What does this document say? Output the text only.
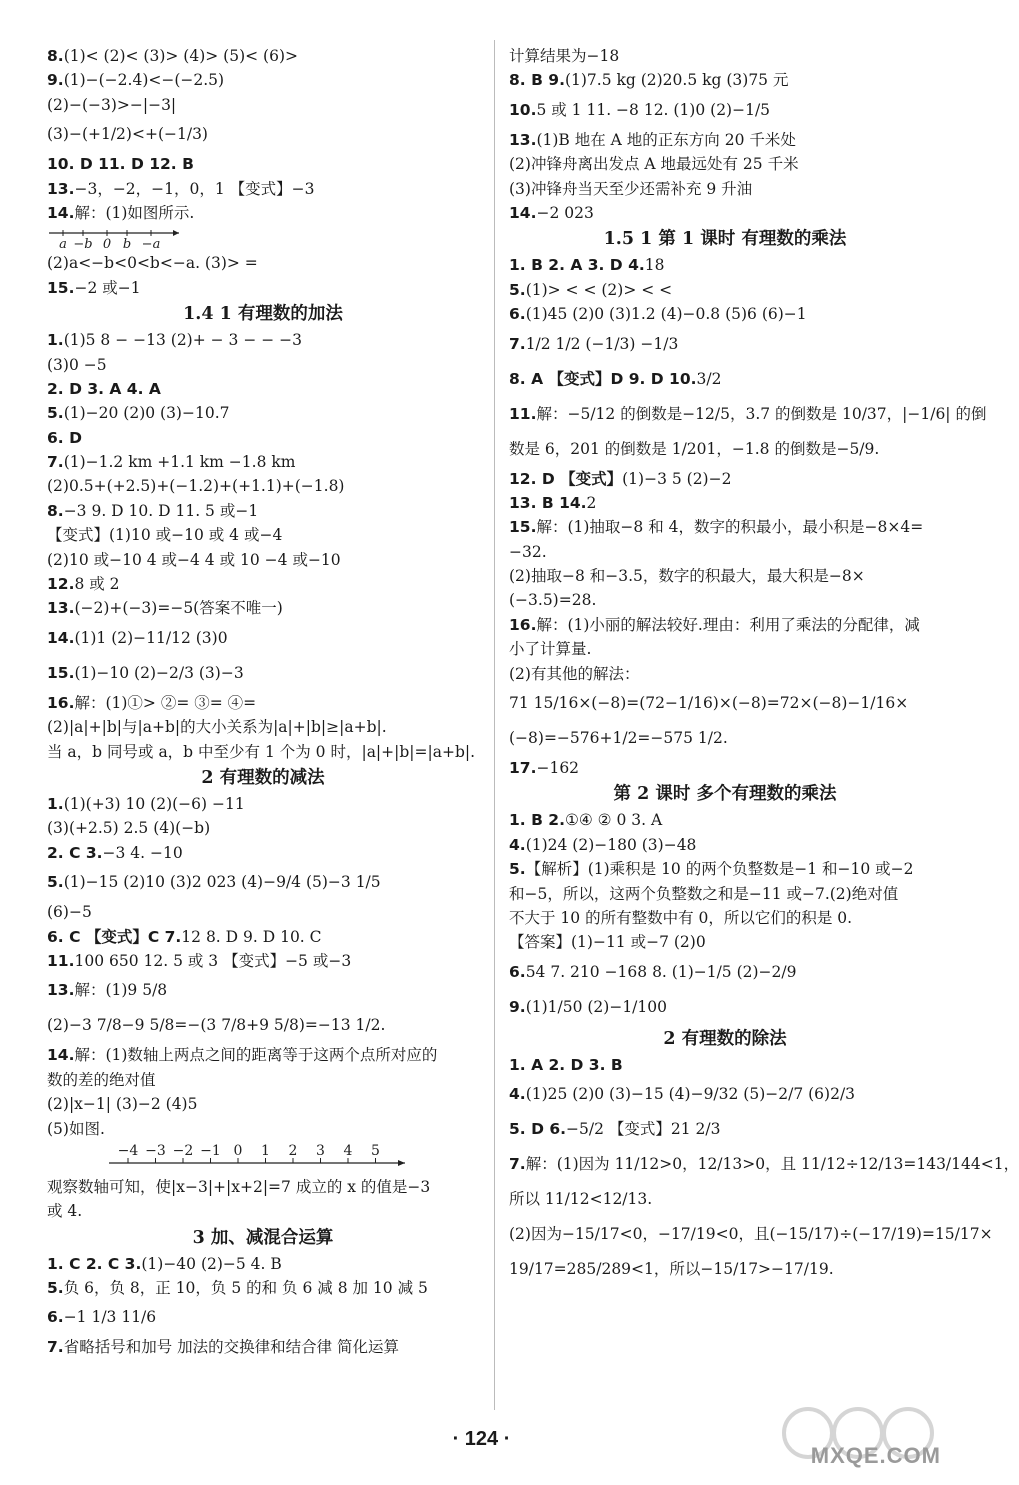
8.(1)< (2)< (3)> (4)> (5)< (6)>
9.(1)−(−2.4)<−(−2.5)
(2)−(−3)>−|−3|
(3)−(+1/2)<+(−1/3)
10. D 11. D 12. B
13.−3，−2，−1，0，1 【变式】−3
14.解：(1)如图所示.
a −b 0 b −a
(2)a<−b<0<b<−a. (3)> =
15.−2 或−1
1.4 1 有理数的加法
1.(1)5 8 − −13 (2)+ − 3 − − −3
(3)0 −5
2. D 3. A 4. A
5.(1)−20 (2)0 (3)−10.7
6. D
7.(1)−1.2 km +1.1 km −1.8 km
(2)0.5+(+2.5)+(−1.2)+(+1.1)+(−1.8)
8.−3 9. D 10. D 11. 5 或−1
【变式】(1)10 或−10 或 4 或−4
(2)10 或−10 4 或−4 4 或 10 −4 或−10
12.8 或 2
13.(−2)+(−3)=−5(答案不唯一)
14.(1)1 (2)−11/12 (3)0
15.(1)−10 (2)−2/3 (3)−3
16.解：(1)①> ②= ③= ④=
(2)|a|+|b|与|a+b|的大小关系为|a|+|b|≥|a+b|.
当 a，b 同号或 a，b 中至少有 1 个为 0 时，|a|+|b|=|a+b|.
2 有理数的减法
1.(1)(+3) 10 (2)(−6) −11
(3)(+2.5) 2.5 (4)(−b)
2. C 3.−3 4. −10
5.(1)−15 (2)10 (3)2 023 (4)−9/4 (5)−3 1/5
(6)−5
6. C 【变式】C 7.12 8. D 9. D 10. C
11.100 650 12. 5 或 3 【变式】−5 或−3
13.解：(1)9 5/8
(2)−3 7/8−9 5/8=−(3 7/8+9 5/8)=−13 1/2.
14.解：(1)数轴上两点之间的距离等于这两个点所对应的
数的差的绝对值
(2)|x−1| (3)−2 (4)5
(5)如图.
−4 −3 −2 −1 0 1 2 3 4 5
观察数轴可知，使|x−3|+|x+2|=7 成立的 x 的值是−3
或 4.
3 加、减混合运算
1. C 2. C 3.(1)−40 (2)−5 4. B
5.负 6，负 8，正 10，负 5 的和 负 6 减 8 加 10 减 5
6.−1 1/3 11/6
7.省略括号和加号 加法的交换律和结合律 简化运算
计算结果为−18
8. B 9.(1)7.5 kg (2)20.5 kg (3)75 元
10.5 或 1 11. −8 12. (1)0 (2)−1/5
13.(1)B 地在 A 地的正东方向 20 千米处
(2)冲锋舟离出发点 A 地最远处有 25 千米
(3)冲锋舟当天至少还需补充 9 升油
14.−2 023
1.5 1 第 1 课时 有理数的乘法
1. B 2. A 3. D 4.18
5.(1)> < < (2)> < <
6.(1)45 (2)0 (3)1.2 (4)−0.8 (5)6 (6)−1
7.1/2 1/2 (−1/3) −1/3
8. A 【变式】D 9. D 10.3/2
11.解：−5/12 的倒数是−12/5，3.7 的倒数是 10/37，|−1/6| 的倒
数是 6，201 的倒数是 1/201，−1.8 的倒数是−5/9.
12. D 【变式】(1)−3 5 (2)−2
13. B 14.2
15.解：(1)抽取−8 和 4，数字的积最小，最小积是−8×4=
−32.
(2)抽取−8 和−3.5，数字的积最大，最大积是−8×
(−3.5)=28.
16.解：(1)小丽的解法较好.理由：利用了乘法的分配律，减
小了计算量.
(2)有其他的解法：
71 15/16×(−8)=(72−1/16)×(−8)=72×(−8)−1/16×
(−8)=−576+1/2=−575 1/2.
17.−162
第 2 课时 多个有理数的乘法
1. B 2.①④ ② 0 3. A
4.(1)24 (2)−180 (3)−48
5.【解析】(1)乘积是 10 的两个负整数是−1 和−10 或−2
和−5，所以，这两个负整数之和是−11 或−7.(2)绝对值
不大于 10 的所有整数中有 0，所以它们的积是 0.
【答案】(1)−11 或−7 (2)0
6.54 7. 210 −168 8. (1)−1/5 (2)−2/9
9.(1)1/50 (2)−1/100
2 有理数的除法
1. A 2. D 3. B
4.(1)25 (2)0 (3)−15 (4)−9/32 (5)−2/7 (6)2/3
5. D 6.−5/2 【变式】21 2/3
7.解：(1)因为 11/12>0，12/13>0，且 11/12÷12/13=143/144<1，
所以 11/12<12/13.
(2)因为−15/17<0，−17/19<0，且(−15/17)÷(−17/19)=15/17×
19/17=285/289<1，所以−15/17>−17/19.
· 124 ·
MXQE.COM
